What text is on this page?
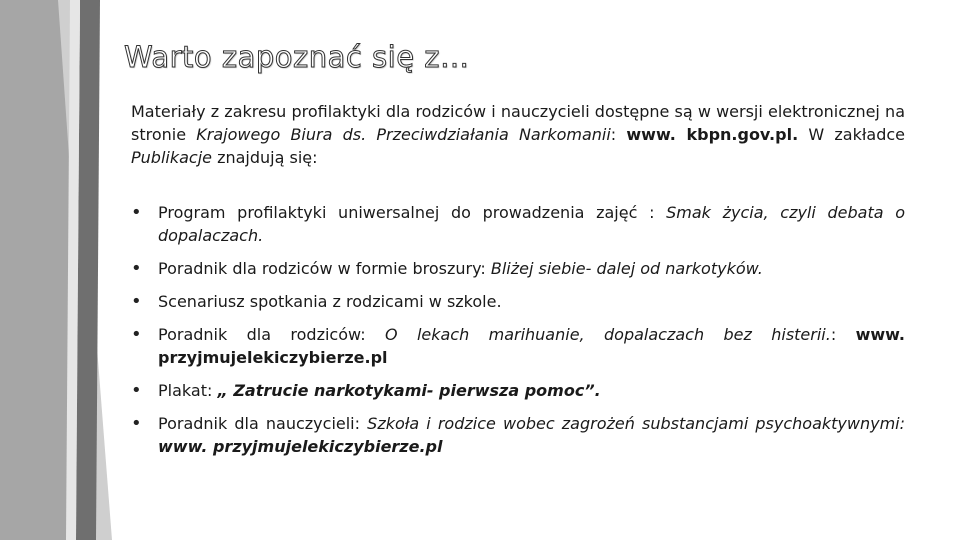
Warto zapoznać się z…

Materiały z zakresu profilaktyki dla rodziców i nauczycieli dostępne są w wersji elektronicznej na stronie Krajowego Biura ds. Przeciwdziałania Narkomanii: www. kbpn.gov.pl. W zakładce Publikacje znajdują się:

• Program profilaktyki uniwersalnej do prowadzenia zajęć : Smak życia, czyli debata o dopalaczach.
• Poradnik dla rodziców w formie broszury: Bliżej siebie- dalej od narkotyków.
• Scenariusz spotkania z rodzicami w szkole.
• Poradnik dla rodziców: O lekach marihuanie, dopalaczach bez histerii.: www. przyjmujelekiczybierze.pl
• Plakat: „ Zatrucie narkotykami- pierwsza pomoc”.
• Poradnik dla nauczycieli: Szkoła i rodzice wobec zagrożeń substancjami psychoaktywnymi: www. przyjmujelekiczybierze.pl
